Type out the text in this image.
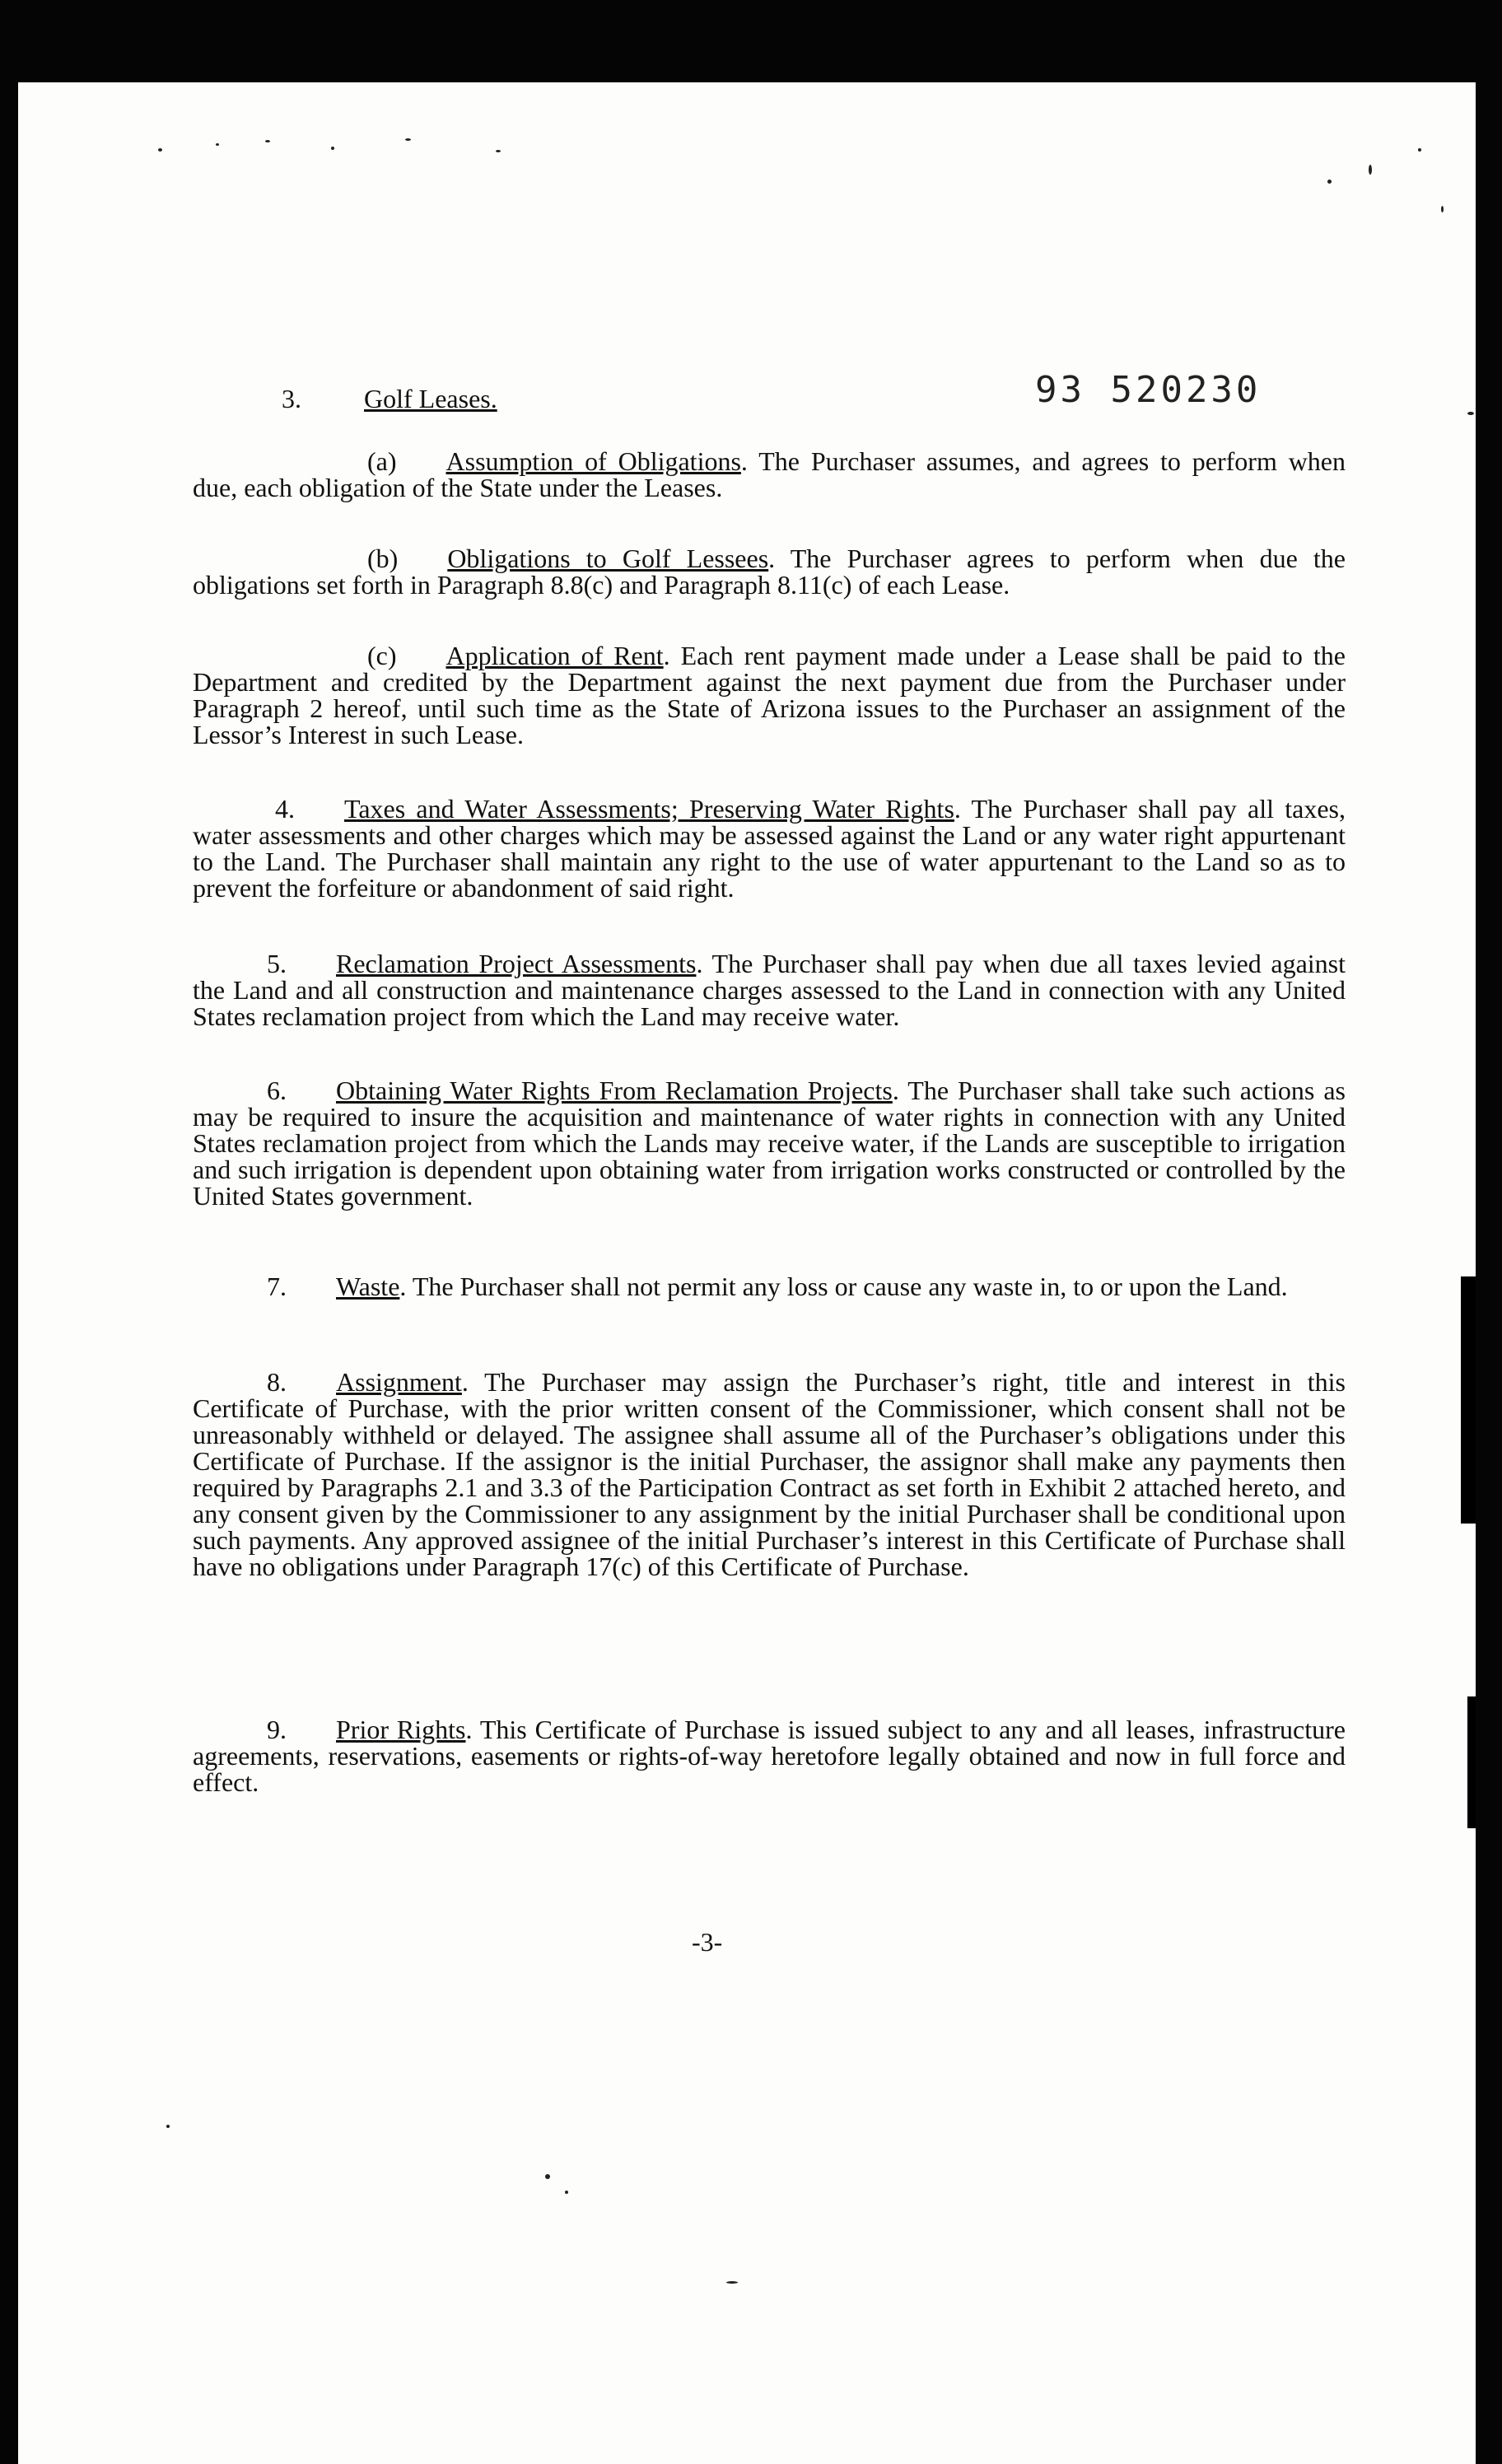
93 520230
3. Golf Leases.
(a) Assumption of Obligations. The Purchaser assumes, and agrees to perform when due, each obligation of the State under the Leases.
(b) Obligations to Golf Lessees. The Purchaser agrees to perform when due the obligations set forth in Paragraph 8.8(c) and Paragraph 8.11(c) of each Lease.
(c) Application of Rent. Each rent payment made under a Lease shall be paid to the Department and credited by the Department against the next payment due from the Purchaser under Paragraph 2 hereof, until such time as the State of Arizona issues to the Purchaser an assignment of the Lessor’s Interest in such Lease.
4. Taxes and Water Assessments; Preserving Water Rights. The Purchaser shall pay all taxes, water assessments and other charges which may be assessed against the Land or any water right appurtenant to the Land. The Purchaser shall maintain any right to the use of water appurtenant to the Land so as to prevent the forfeiture or abandonment of said right.
5. Reclamation Project Assessments. The Purchaser shall pay when due all taxes levied against the Land and all construction and maintenance charges assessed to the Land in connection with any United States reclamation project from which the Land may receive water.
6. Obtaining Water Rights From Reclamation Projects. The Purchaser shall take such actions as may be required to insure the acquisition and maintenance of water rights in connection with any United States reclamation project from which the Lands may receive water, if the Lands are susceptible to irrigation and such irrigation is dependent upon obtaining water from irrigation works constructed or controlled by the United States government.
7. Waste. The Purchaser shall not permit any loss or cause any waste in, to or upon the Land.
8. Assignment. The Purchaser may assign the Purchaser’s right, title and interest in this Certificate of Purchase, with the prior written consent of the Commissioner, which consent shall not be unreasonably withheld or delayed. The assignee shall assume all of the Purchaser’s obligations under this Certificate of Purchase. If the assignor is the initial Purchaser, the assignor shall make any payments then required by Paragraphs 2.1 and 3.3 of the Participation Contract as set forth in Exhibit 2 attached hereto, and any consent given by the Commissioner to any assignment by the initial Purchaser shall be conditional upon such payments. Any approved assignee of the initial Purchaser’s interest in this Certificate of Purchase shall have no obligations under Paragraph 17(c) of this Certificate of Purchase.
9. Prior Rights. This Certificate of Purchase is issued subject to any and all leases, infrastructure agreements, reservations, easements or rights-of-way heretofore legally obtained and now in full force and effect.
-3-
